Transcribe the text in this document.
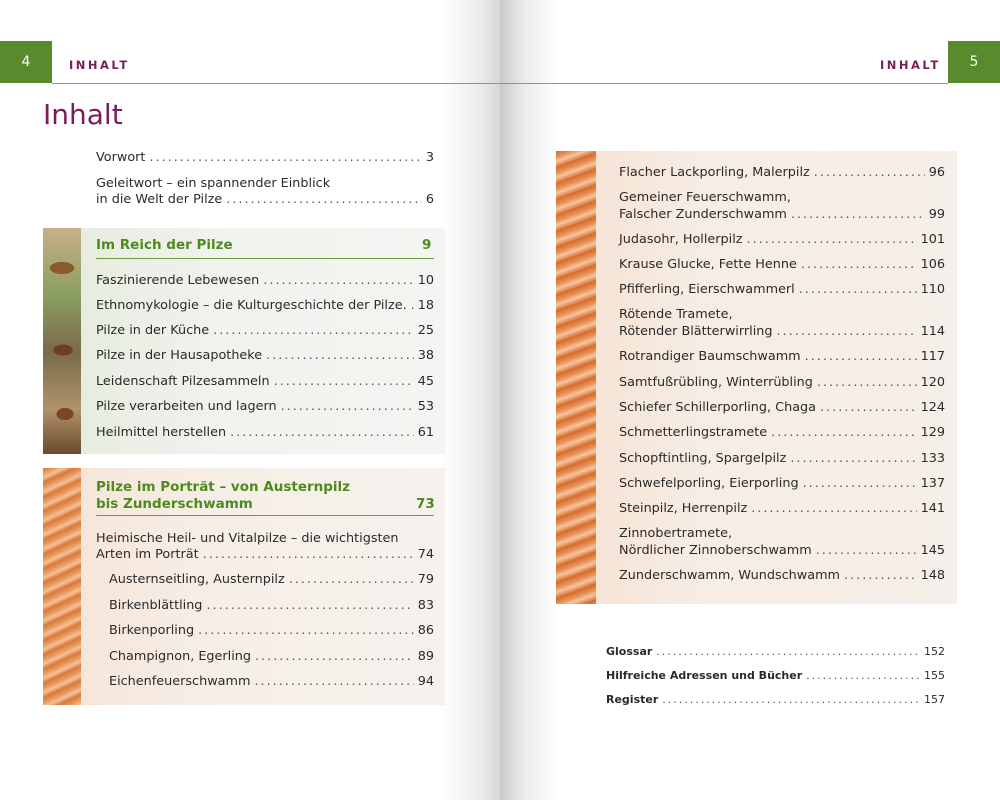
4	INHALT
Inhalt
Vorwort .....	3
Geleitwort – ein spannender Einblick
in die Welt der Pilze .....	6
Im Reich der Pilze	9
Faszinierende Lebewesen .....	10
Ethnomykologie – die Kulturgeschichte der Pilze. ..... 18
Pilze in der Küche .....	25
Pilze in der Hausapotheke .....	38
Leidenschaft Pilzesammeln .....	45
Pilze verarbeiten und lagern .....	53
Heilmittel herstellen .....	61
Pilze im Porträt – von Austernpilz
bis Zunderschwamm	73
Heimische Heil- und Vitalpilze – die wichtigsten
Arten im Porträt .....	74
Austernseitling, Austernpilz .....	79
Birkenblättling .....	83
Birkenporling .....	86
Champignon, Egerling .....	89
Eichenfeuerschwamm .....	94
5
INHALT
Flacher Lackporling, Malerpilz .....	96
Gemeiner Feuerschwamm,
Falscher Zunderschwamm .....	99
Judasohr, Hollerpilz .....	101
Krause Glucke, Fette Henne .....	106
Pfifferling, Eierschwammerl .....	110
Rötende Tramete,
Rötender Blätterwirrling .....	114
Rotrandiger Baumschwamm .....	117
Samtfußrübling, Winterrübling .....	120
Schiefer Schillerporling, Chaga .....	124
Schmetterlingstramete .....	129
Schopftintling, Spargelpilz .....	133
Schwefelporling, Eierporling .....	137
Steinpilz, Herrenpilz .....	141
Zinnobertramete,
Nördlicher Zinnoberschwamm .....	145
Zunderschwamm, Wundschwamm .....	148
Glossar .....	152
Hilfreiche Adressen und Bücher .....	155
Register .....	157
